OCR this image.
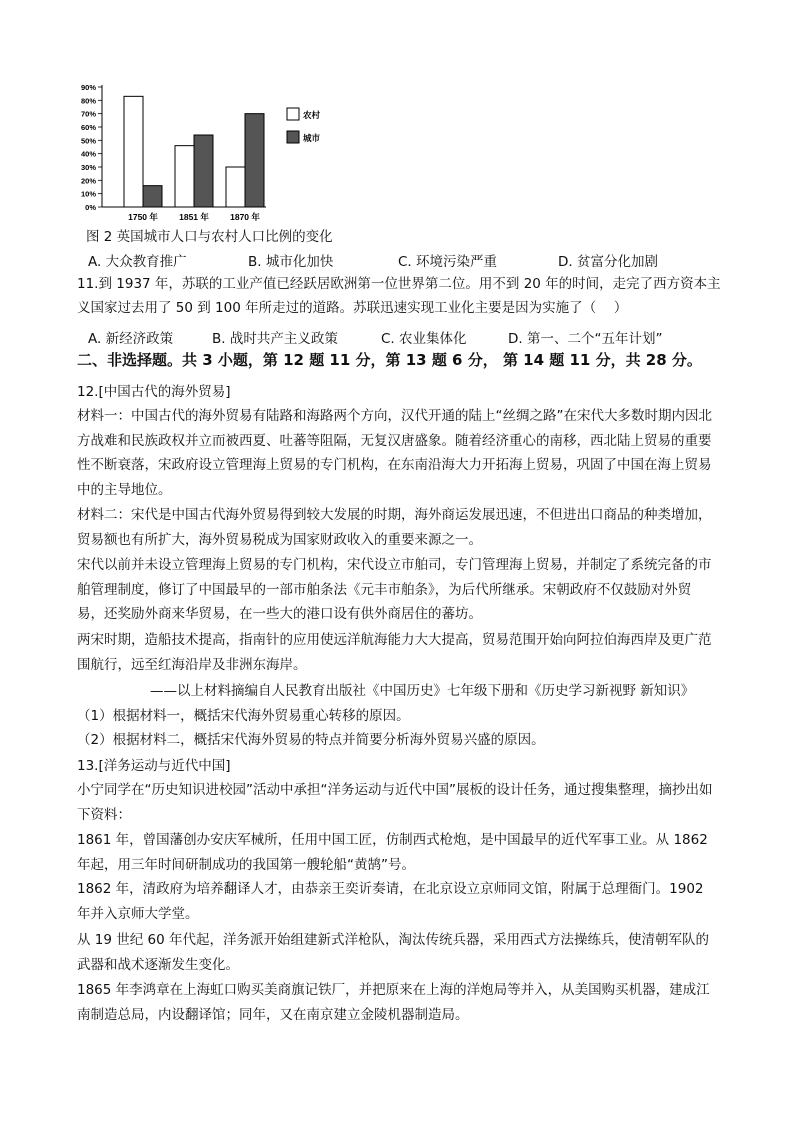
0%
10%
20%
30%
40%
50%
60%
70%
80%
90%
1750 年 1851 年 1870 年
农村
城市
图 2 英国城市人口与农村人口比例的变化
A. 大众教育推广	B. 城市化加快	C. 环境污染严重	D. 贫富分化加剧
11.到 1937 年，苏联的工业产值已经跃居欧洲第一位世界第二位。用不到 20 年的时间，走完了西方资本主
义国家过去用了 50 到 100 年所走过的道路。苏联迅速实现工业化主要是因为实施了（　 ）
A. 新经济政策	B. 战时共产主义政策	C. 农业集体化	D. 第一、二个“五年计划”
二、非选择题。共 3 小题，第 12 题 11 分，第 13 题 6 分， 第 14 题 11 分，共 28 分。
12.[中国古代的海外贸易]
材料一：中国古代的海外贸易有陆路和海路两个方向，汉代开通的陆上“丝绸之路”在宋代大多数时期内因北方战难和民族政权并立而被西夏、吐蕃等阻隔，无复汉唐盛象。随着经济重心的南移，西北陆上贸易的重要性不断衰落，宋政府设立管理海上贸易的专门机构，在东南沿海大力开拓海上贸易，巩固了中国在海上贸易中的主导地位。
材料二：宋代是中国古代海外贸易得到较大发展的时期，海外商运发展迅速，不但进出口商品的种类增加，贸易额也有所扩大，海外贸易税成为国家财政收入的重要来源之一。
宋代以前并未设立管理海上贸易的专门机构，宋代设立市舶司，专门管理海上贸易，并制定了系统完备的市舶管理制度，修订了中国最早的一部市舶条法《元丰市舶条》，为后代所继承。宋朝政府不仅鼓励对外贸易，还奖励外商来华贸易，在一些大的港口设有供外商居住的蕃坊。
两宋时期，造船技术提高，指南针的应用使远洋航海能力大大提高，贸易范围开始向阿拉伯海西岸及更广范围航行，远至红海沿岸及非洲东海岸。
——以上材料摘编自人民教育出版社《中国历史》七年级下册和《历史学习新视野 新知识》
（1）根据材料一，概括宋代海外贸易重心转移的原因。
（2）根据材料二，概括宋代海外贸易的特点并简要分析海外贸易兴盛的原因。
13.[洋务运动与近代中国]
小宁同学在“历史知识进校园”活动中承担“洋务运动与近代中国”展板的设计任务，通过搜集整理，摘抄出如下资料：
1861 年，曾国藩创办安庆军械所，任用中国工匠，仿制西式枪炮，是中国最早的近代军事工业。从 1862 年起，用三年时间研制成功的我国第一艘轮船“黄鹄”号。
1862 年，清政府为培养翻译人才，由恭亲王奕䜣奏请，在北京设立京师同文馆，附属于总理衙门。1902 年并入京师大学堂。
从 19 世纪 60 年代起，洋务派开始组建新式洋枪队，淘汰传统兵器，采用西式方法操练兵，使清朝军队的武器和战术逐渐发生变化。
1865 年李鸿章在上海虹口购买美商旗记铁厂，并把原来在上海的洋炮局等并入，从美国购买机器，建成江南制造总局，内设翻译馆；同年，又在南京建立金陵机器制造局。
